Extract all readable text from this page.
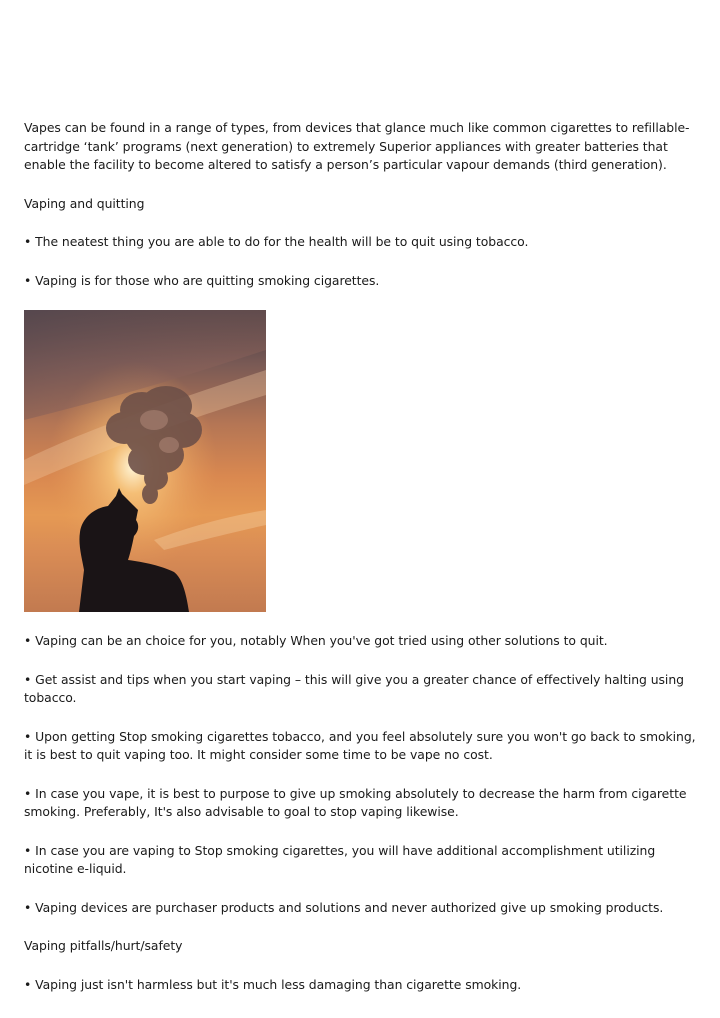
Vapes can be found in a range of types, from devices that glance much like common cigarettes to refillable-cartridge ‘tank’ programs (next generation) to extremely Superior appliances with greater batteries that enable the facility to become altered to satisfy a person’s particular vapour demands (third generation).

Vaping and quitting

• The neatest thing you are able to do for the health will be to quit using tobacco.

• Vaping is for those who are quitting smoking cigarettes.

• Vaping can be an choice for you, notably When you've got tried using other solutions to quit.

• Get assist and tips when you start vaping – this will give you a greater chance of effectively halting using tobacco.

• Upon getting Stop smoking cigarettes tobacco, and you feel absolutely sure you won't go back to smoking, it is best to quit vaping too. It might consider some time to be vape no cost.

• In case you vape, it is best to purpose to give up smoking absolutely to decrease the harm from cigarette smoking. Preferably, It's also advisable to goal to stop vaping likewise.

• In case you are vaping to Stop smoking cigarettes, you will have additional accomplishment utilizing nicotine e-liquid.

• Vaping devices are purchaser products and solutions and never authorized give up smoking products.

Vaping pitfalls/hurt/safety

• Vaping just isn't harmless but it's much less damaging than cigarette smoking.
